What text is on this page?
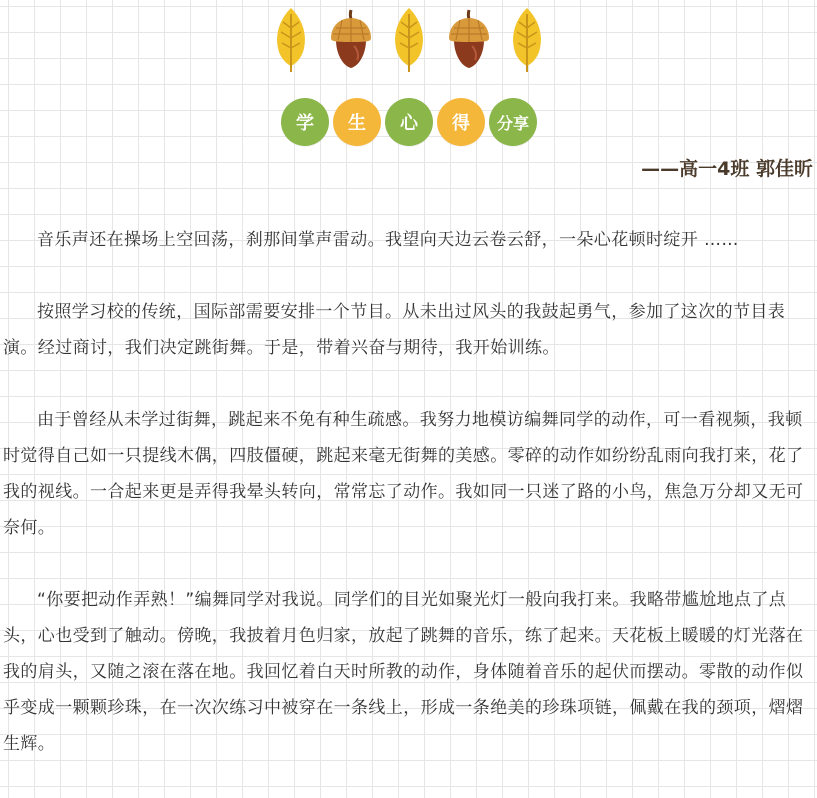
学	生	心	得	分享
——高一4班 郭佳昕

音乐声还在操场上空回荡，刹那间掌声雷动。我望向天边云卷云舒，一朵心花顿时绽开 ……

按照学习校的传统，国际部需要安排一个节目。从未出过风头的我鼓起勇气，参加了这次的节目表演。经过商讨，我们决定跳街舞。于是，带着兴奋与期待，我开始训练。

由于曾经从未学过街舞，跳起来不免有种生疏感。我努力地模访编舞同学的动作，可一看视频，我顿时觉得自己如一只提线木偶，四肢僵硬，跳起来毫无街舞的美感。零碎的动作如纷纷乱雨向我打来，花了我的视线。一合起来更是弄得我晕头转向，常常忘了动作。我如同一只迷了路的小鸟，焦急万分却又无可奈何。

“你要把动作弄熟！”编舞同学对我说。同学们的目光如聚光灯一般向我打来。我略带尴尬地点了点头，心也受到了触动。傍晚，我披着月色归家，放起了跳舞的音乐，练了起来。天花板上暖暖的灯光落在我的肩头，又随之滚在落在地。我回忆着白天时所教的动作，身体随着音乐的起伏而摆动。零散的动作似乎变成一颗颗珍珠，在一次次练习中被穿在一条线上，形成一条绝美的珍珠项链，佩戴在我的颈项，熠熠生辉。
